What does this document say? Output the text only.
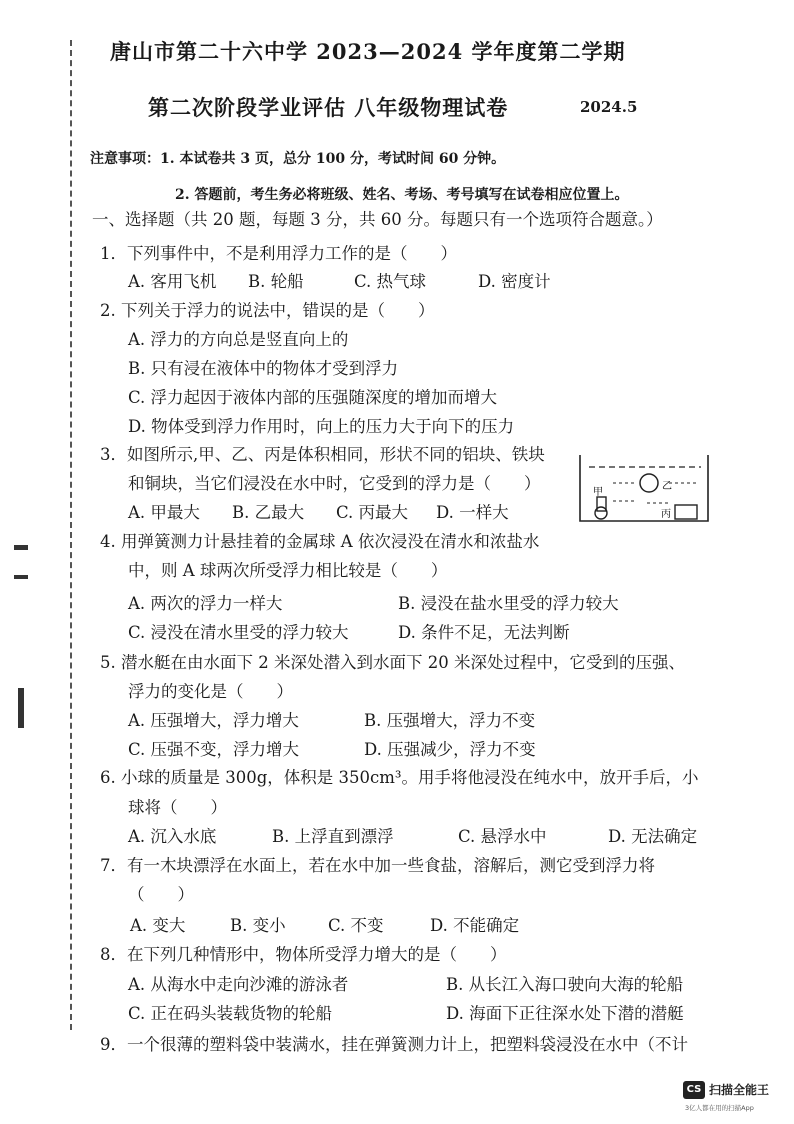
唐山市第二十六中学 2023—2024 学年度第二学期
第二次阶段学业评估 八年级物理试卷	2024.5
注意事项：1. 本试卷共 3 页，总分 100 分，考试时间 60 分钟。
2. 答题前，考生务必将班级、姓名、考场、考号填写在试卷相应位置上。
一、选择题（共 20 题，每题 3 分，共 60 分。每题只有一个选项符合题意。）
1．下列事件中，不是利用浮力工作的是（　　）
A. 客用飞机 B. 轮船	C. 热气球	D. 密度计
2. 下列关于浮力的说法中，错误的是（　　）
A. 浮力的方向总是竖直向上的
B. 只有浸在液体中的物体才受到浮力
C. 浮力起因于液体内部的压强随深度的增加而增大
D. 物体受到浮力作用时，向上的压力大于向下的压力
3．如图所示,甲、乙、丙是体积相同，形状不同的铝块、铁块
和铜块，当它们浸没在水中时，它受到的浮力是（　　）
A. 甲最大 B. 乙最大 C. 丙最大 D. 一样大
乙
甲
丙
4. 用弹簧测力计悬挂着的金属球 A 依次浸没在清水和浓盐水
中，则 A 球两次所受浮力相比较是（　　）
A. 两次的浮力一样大	B. 浸没在盐水里受的浮力较大
C. 浸没在清水里受的浮力较大	D. 条件不足，无法判断
5. 潜水艇在由水面下 2 米深处潜入到水面下 20 米深处过程中，它受到的压强、
浮力的变化是（　　）
A. 压强增大，浮力增大	B. 压强增大，浮力不变
C. 压强不变，浮力增大	D. 压强减少，浮力不变
6. 小球的质量是 300g，体积是 350cm³。用手将他浸没在纯水中，放开手后，小
球将（　　）
A. 沉入水底	B. 上浮直到漂浮	C. 悬浮水中	D. 无法确定
7．有一木块漂浮在水面上，若在水中加一些食盐，溶解后，测它受到浮力将
（　　）
A. 变大	B. 变小	C. 不变	D. 不能确定
8．在下列几种情形中，物体所受浮力增大的是（　　）
A. 从海水中走向沙滩的游泳者	B. 从长江入海口驶向大海的轮船
C. 正在码头装载货物的轮船	D. 海面下正往深水处下潜的潜艇
9．一个很薄的塑料袋中装满水，挂在弹簧测力计上，把塑料袋浸没在水中（不计
CS 扫描全能王
3亿人都在用的扫描App
